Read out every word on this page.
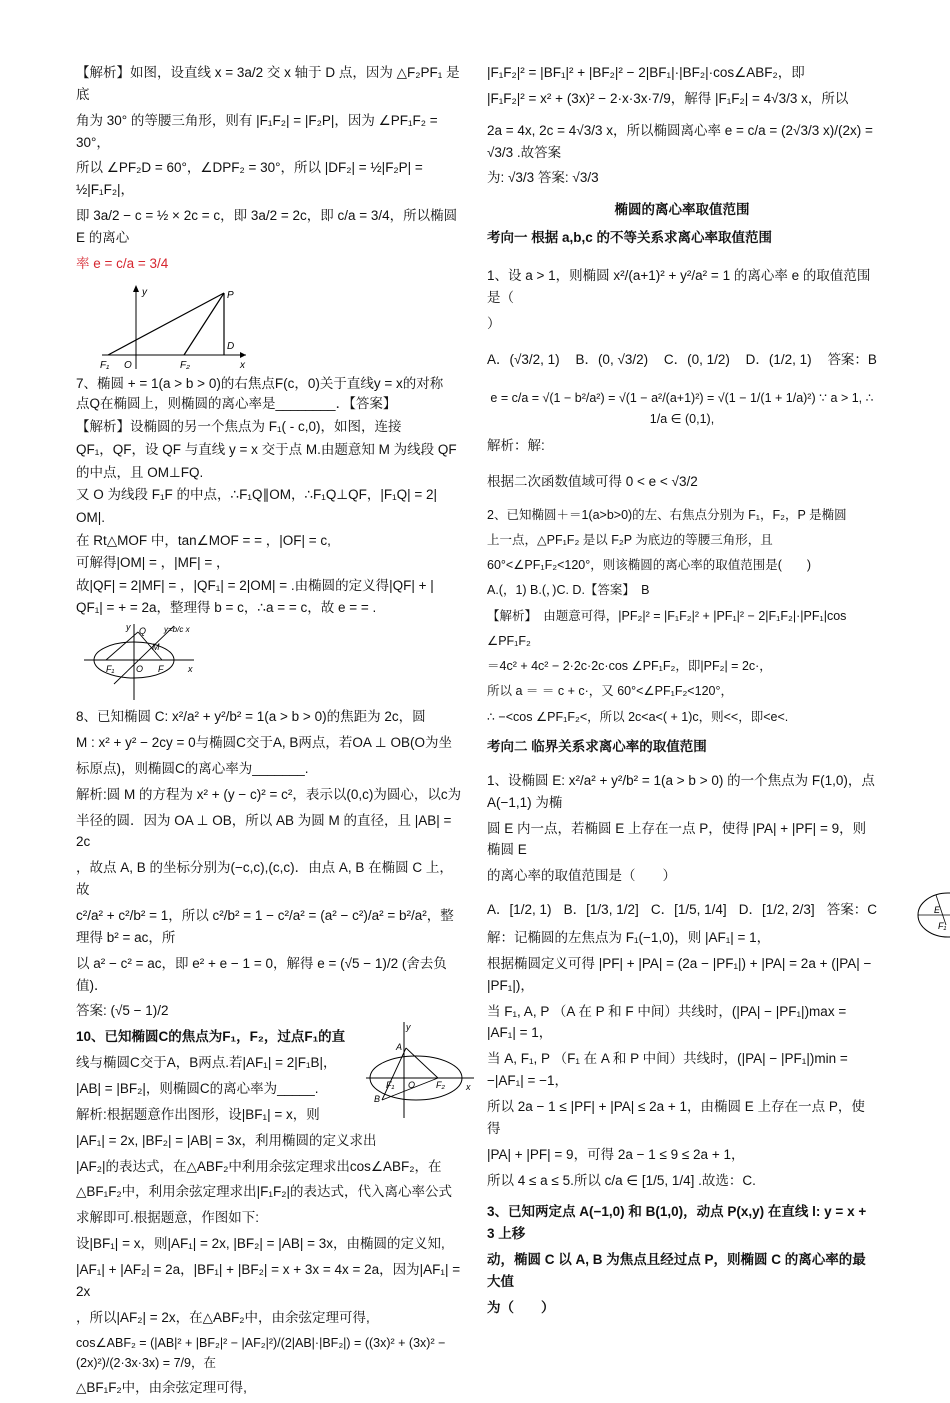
【解析】如图，设直线 x = 3a/2 交 x 轴于 D 点，因为 △F₂PF₁ 是底

角为 30° 的等腰三角形，则有 |F₁F₂| = |F₂P|，因为 ∠PF₁F₂ = 30°，

所以 ∠PF₂D = 60°，∠DPF₂ = 30°，所以 |DF₂| = ½|F₂P| = ½|F₁F₂|，

即 3a/2 − c = ½ × 2c = c，即 3a/2 = 2c，即 c/a = 3/4，所以椭圆 E 的离心

率 e = c/a = 3/4

y	P
D
F₁ O	F₂	x

7、椭圆 + = 1(a > b > 0)的右焦点F(c，0)关于直线y = x的对称

点Q在椭圆上，则椭圆的离心率是________．【答案】

【解析】设椭圆的另一个焦点为 F₁( - c,0)，如图，连接

QF₁，QF，设 QF 与直线 y = x 交于点 M.由题意知 M 为线段 QF

的中点，且 OM⊥FQ.

又 O 为线段 F₁F 的中点，∴F₁Q∥OM，∴F₁Q⊥QF，|F₁Q| = 2|

OM|.

在 Rt△MOF 中，tan∠MOF = = ，|OF| = c,

可解得|OM| = ，|MF| = ，

故|QF| = 2|MF| = ，|QF₁| = 2|OM| = .由椭圆的定义得|QF| + |

QF₁| = + = 2a，整理得 b = c，∴a = = c，故 e = = .

y Q y=b/c x
M
F₁ O F	x

8、已知椭圆 C: x²/a² + y²/b² = 1(a > b > 0)的焦距为 2c，圆

M : x² + y² − 2cy = 0与椭圆C交于A, B两点，若OA ⊥ OB(O为坐

标原点)，则椭圆C的离心率为_______.

解析:圆 M 的方程为 x² + (y − c)² = c²，表示以(0,c)为圆心，以c为

半径的圆．因为 OA ⊥ OB，所以 AB 为圆 M 的直径，且 |AB| = 2c

，故点 A, B 的坐标分别为(−c,c),(c,c)．由点 A, B 在椭圆 C 上，故

c²/a² + c²/b² = 1，所以 c²/b² = 1 − c²/a² = (a² − c²)/a² = b²/a²，整理得 b² = ac，所

以 a² − c² = ac，即 e² + e − 1 = 0，解得 e = (√5 − 1)/2 (舍去负值)．

答案: (√5 − 1)/2

y
A
B
F₁ O F₂ x

10、已知椭圆C的焦点为F₁，F₂，过点F₁的直

线与椭圆C交于A，B两点.若|AF₁| = 2|F₁B|，

|AB| = |BF₂|，则椭圆C的离心率为_____.

解析:根据题意作出图形，设|BF₁| = x，则

|AF₁| = 2x, |BF₂| = |AB| = 3x，利用椭圆的定义求出

|AF₂|的表达式，在△ABF₂中利用余弦定理求出cos∠ABF₂，在

△BF₁F₂中，利用余弦定理求出|F₁F₂|的表达式，代入离心率公式

求解即可.根据题意，作图如下:

设|BF₁| = x，则|AF₁| = 2x, |BF₂| = |AB| = 3x，由椭圆的定义知,

|AF₁| + |AF₂| = 2a，|BF₁| + |BF₂| = x + 3x = 4x = 2a，因为|AF₁| = 2x

，所以|AF₂| = 2x，在△ABF₂中，由余弦定理可得,

cos∠ABF₂ = (|AB|² + |BF₂|² − |AF₂|²)/(2|AB|·|BF₂|) = ((3x)² + (3x)² − (2x)²)/(2·3x·3x) = 7/9，在

△BF₁F₂中，由余弦定理可得,

|F₁F₂|² = |BF₁|² + |BF₂|² − 2|BF₁|·|BF₂|·cos∠ABF₂，即

|F₁F₂|² = x² + (3x)² − 2·x·3x·7/9，解得 |F₁F₂| = 4√3/3 x，所以

2a = 4x, 2c = 4√3/3 x，所以椭圆离心率 e = c/a = (2√3/3 x)/(2x) = √3/3 .故答案

为: √3/3 答案: √3/3

椭圆的离心率取值范围

考向一 根据 a,b,c 的不等关系求离心率取值范围

1、设 a > 1，则椭圆 x²/(a+1)² + y²/a² = 1 的离心率 e 的取值范围是（

）

A．(√3/2, 1) B．(0, √3/2) C．(0, 1/2) D．(1/2, 1) 答案：B

e = c/a = √(1 − b²/a²) = √(1 − a²/(a+1)²) = √(1 − 1/(1 + 1/a)²) ∵ a > 1, ∴ 1/a ∈ (0,1),

解析：解:

根据二次函数值域可得 0 < e < √3/2

2、已知椭圆＋＝1(a>b>0)的左、右焦点分别为 F₁，F₂，P 是椭圆

上一点，△PF₁F₂ 是以 F₂P 为底边的等腰三角形，且

60°<∠PF₁F₂<120°，则该椭圆的离心率的取值范围是(　　)

A.(，1) B.(，)C. D.【答案】　B

【解析】　由题意可得，|PF₂|² = |F₁F₂|² + |PF₁|² − 2|F₁F₂|·|PF₁|cos

∠PF₁F₂

＝4c² + 4c² − 2·2c·2c·cos ∠PF₁F₂，即|PF₂| = 2c·，

所以 a ＝ ＝ c + c·，又 60°<∠PF₁F₂<120°，

∴ −<cos ∠PF₁F₂<，所以 2c<a<( + 1)c，则<<，即<e<.

考向二 临界关系求离心率的取值范围

1、设椭圆 E: x²/a² + y²/b² = 1(a > b > 0) 的一个焦点为 F(1,0)，点 A(−1,1) 为椭

圆 E 内一点，若椭圆 E 上存在一点 P，使得 |PA| + |PF| = 9，则椭圆 E

的离心率的取值范围是（　　）

A．[1/2, 1) B．[1/3, 1/2] C．[1/5, 1/4] D．[1/2, 2/3] 答案：C

解：记椭圆的左焦点为 F₁(−1,0)，则 |AF₁| = 1，

根据椭圆定义可得 |PF| + |PA| = (2a − |PF₁|) + |PA| = 2a + (|PA| − |PF₁|)，

当 F₁, A, P （A 在 P 和 F 中间）共线时，(|PA| − |PF₁|)max = |AF₁| = 1，

当 A, F₁, P （F₁ 在 A 和 P 中间）共线时，(|PA| − |PF₁|)min = −|AF₁| = −1，

所以 2a − 1 ≤ |PF| + |PA| ≤ 2a + 1，由椭圆 E 上存在一点 P，使得

|PA| + |PF| = 9，可得 2a − 1 ≤ 9 ≤ 2a + 1，

所以 4 ≤ a ≤ 5.所以 c/a ∈ [1/5, 1/4] .故选：C.

3、已知两定点 A(−1,0) 和 B(1,0)，动点 P(x,y) 在直线 l: y = x + 3 上移

动，椭圆 C 以 A, B 为焦点且经过点 P，则椭圆 C 的离心率的最大值

为（　　）

E
F₁
